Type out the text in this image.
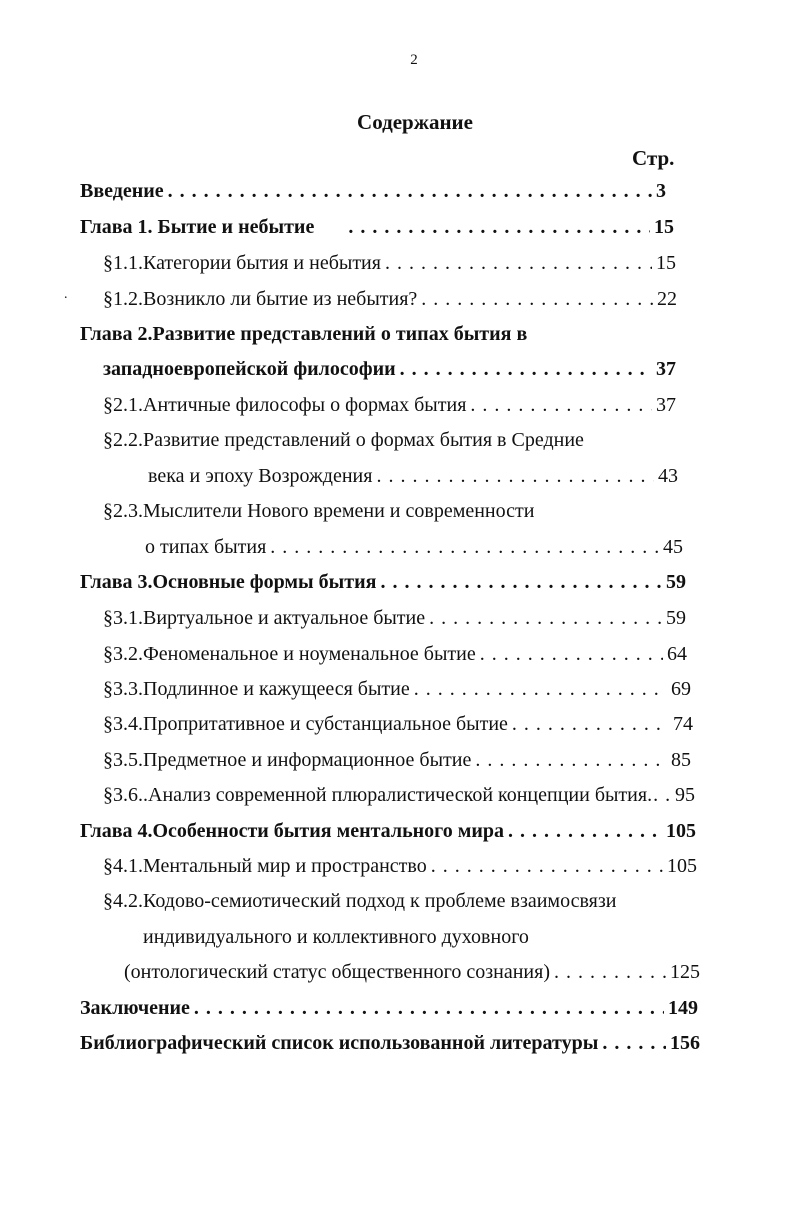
2
Содержание
Стр.
.
Введение . . .	3
Глава 1. Бытие и небытие . . .	15
§1.1.Категории бытия и небытия . . .	15
§1.2.Возникло ли бытие из небытия? . . .	22
Глава 2.Развитие представлений о типах бытия в
западноевропейской философии . . .	37
§2.1.Античные философы о формах бытия . . .	37
§2.2.Развитие представлений о формах бытия в Средние
века и эпоху Возрождения . . .	43
§2.3.Мыслители Нового времени и современности
о типах бытия . . .	45
Глава 3.Основные формы бытия . . .	59
§3.1.Виртуальное и актуальное бытие . . .	59
§3.2.Феноменальное и ноуменальное бытие . . .	64
§3.3.Подлинное и кажущееся бытие . . .	69
§3.4.Пропритативное и субстанциальное бытие . . .	74
§3.5.Предметное и информационное бытие . . .	85
§3.6..Анализ современной плюралистической концепции бытия. . . . 95
Глава 4.Особенности бытия ментального мира . . .	105
§4.1.Ментальный мир и пространство . . .	105
§4.2.Кодово-семиотический подход к проблеме взаимосвязи
индивидуального и коллективного духовного
(онтологический статус общественного сознания) . . .	125
Заключение . . .	149
Библиографический список использованной литературы . . .	156
